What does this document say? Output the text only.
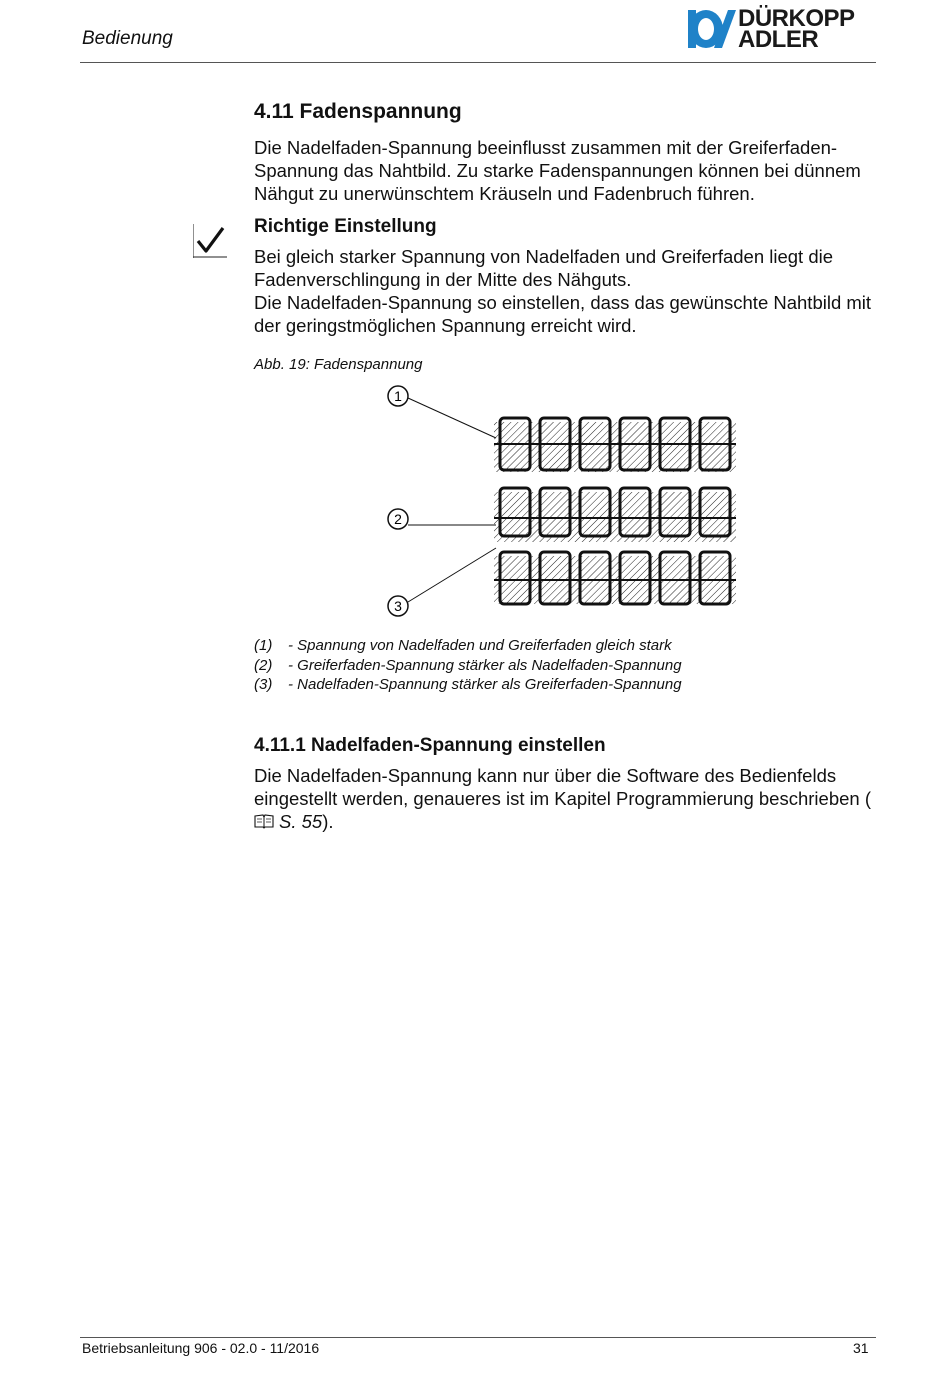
Bedienung
DÜRKOPP
ADLER
4.11 Fadenspannung

Die Nadelfaden-Spannung beeinflusst zusammen mit der Greiferfaden-Spannung das Nahtbild. Zu starke Fadenspannungen können bei dünnem Nähgut zu unerwünschtem Kräuseln und Fadenbruch führen.

Richtige Einstellung
Bei gleich starker Spannung von Nadelfaden und Greiferfaden liegt die Fadenverschlingung in der Mitte des Nähguts.
Die Nadelfaden-Spannung so einstellen, dass das gewünschte Nahtbild mit der geringstmöglichen Spannung erreicht wird.
Abb. 19: Fadenspannung
1
2
3
(1)	- Spannung von Nadelfaden und Greiferfaden gleich stark
(2)	- Greiferfaden-Spannung stärker als Nadelfaden-Spannung
(3)	- Nadelfaden-Spannung stärker als Greiferfaden-Spannung
4.11.1 Nadelfaden-Spannung einstellen

Die Nadelfaden-Spannung kann nur über die Software des Bedienfelds eingestellt werden, genaueres ist im Kapitel Programmierung beschrieben (S. 55).

Betriebsanleitung 906 - 02.0 - 11/2016	31
